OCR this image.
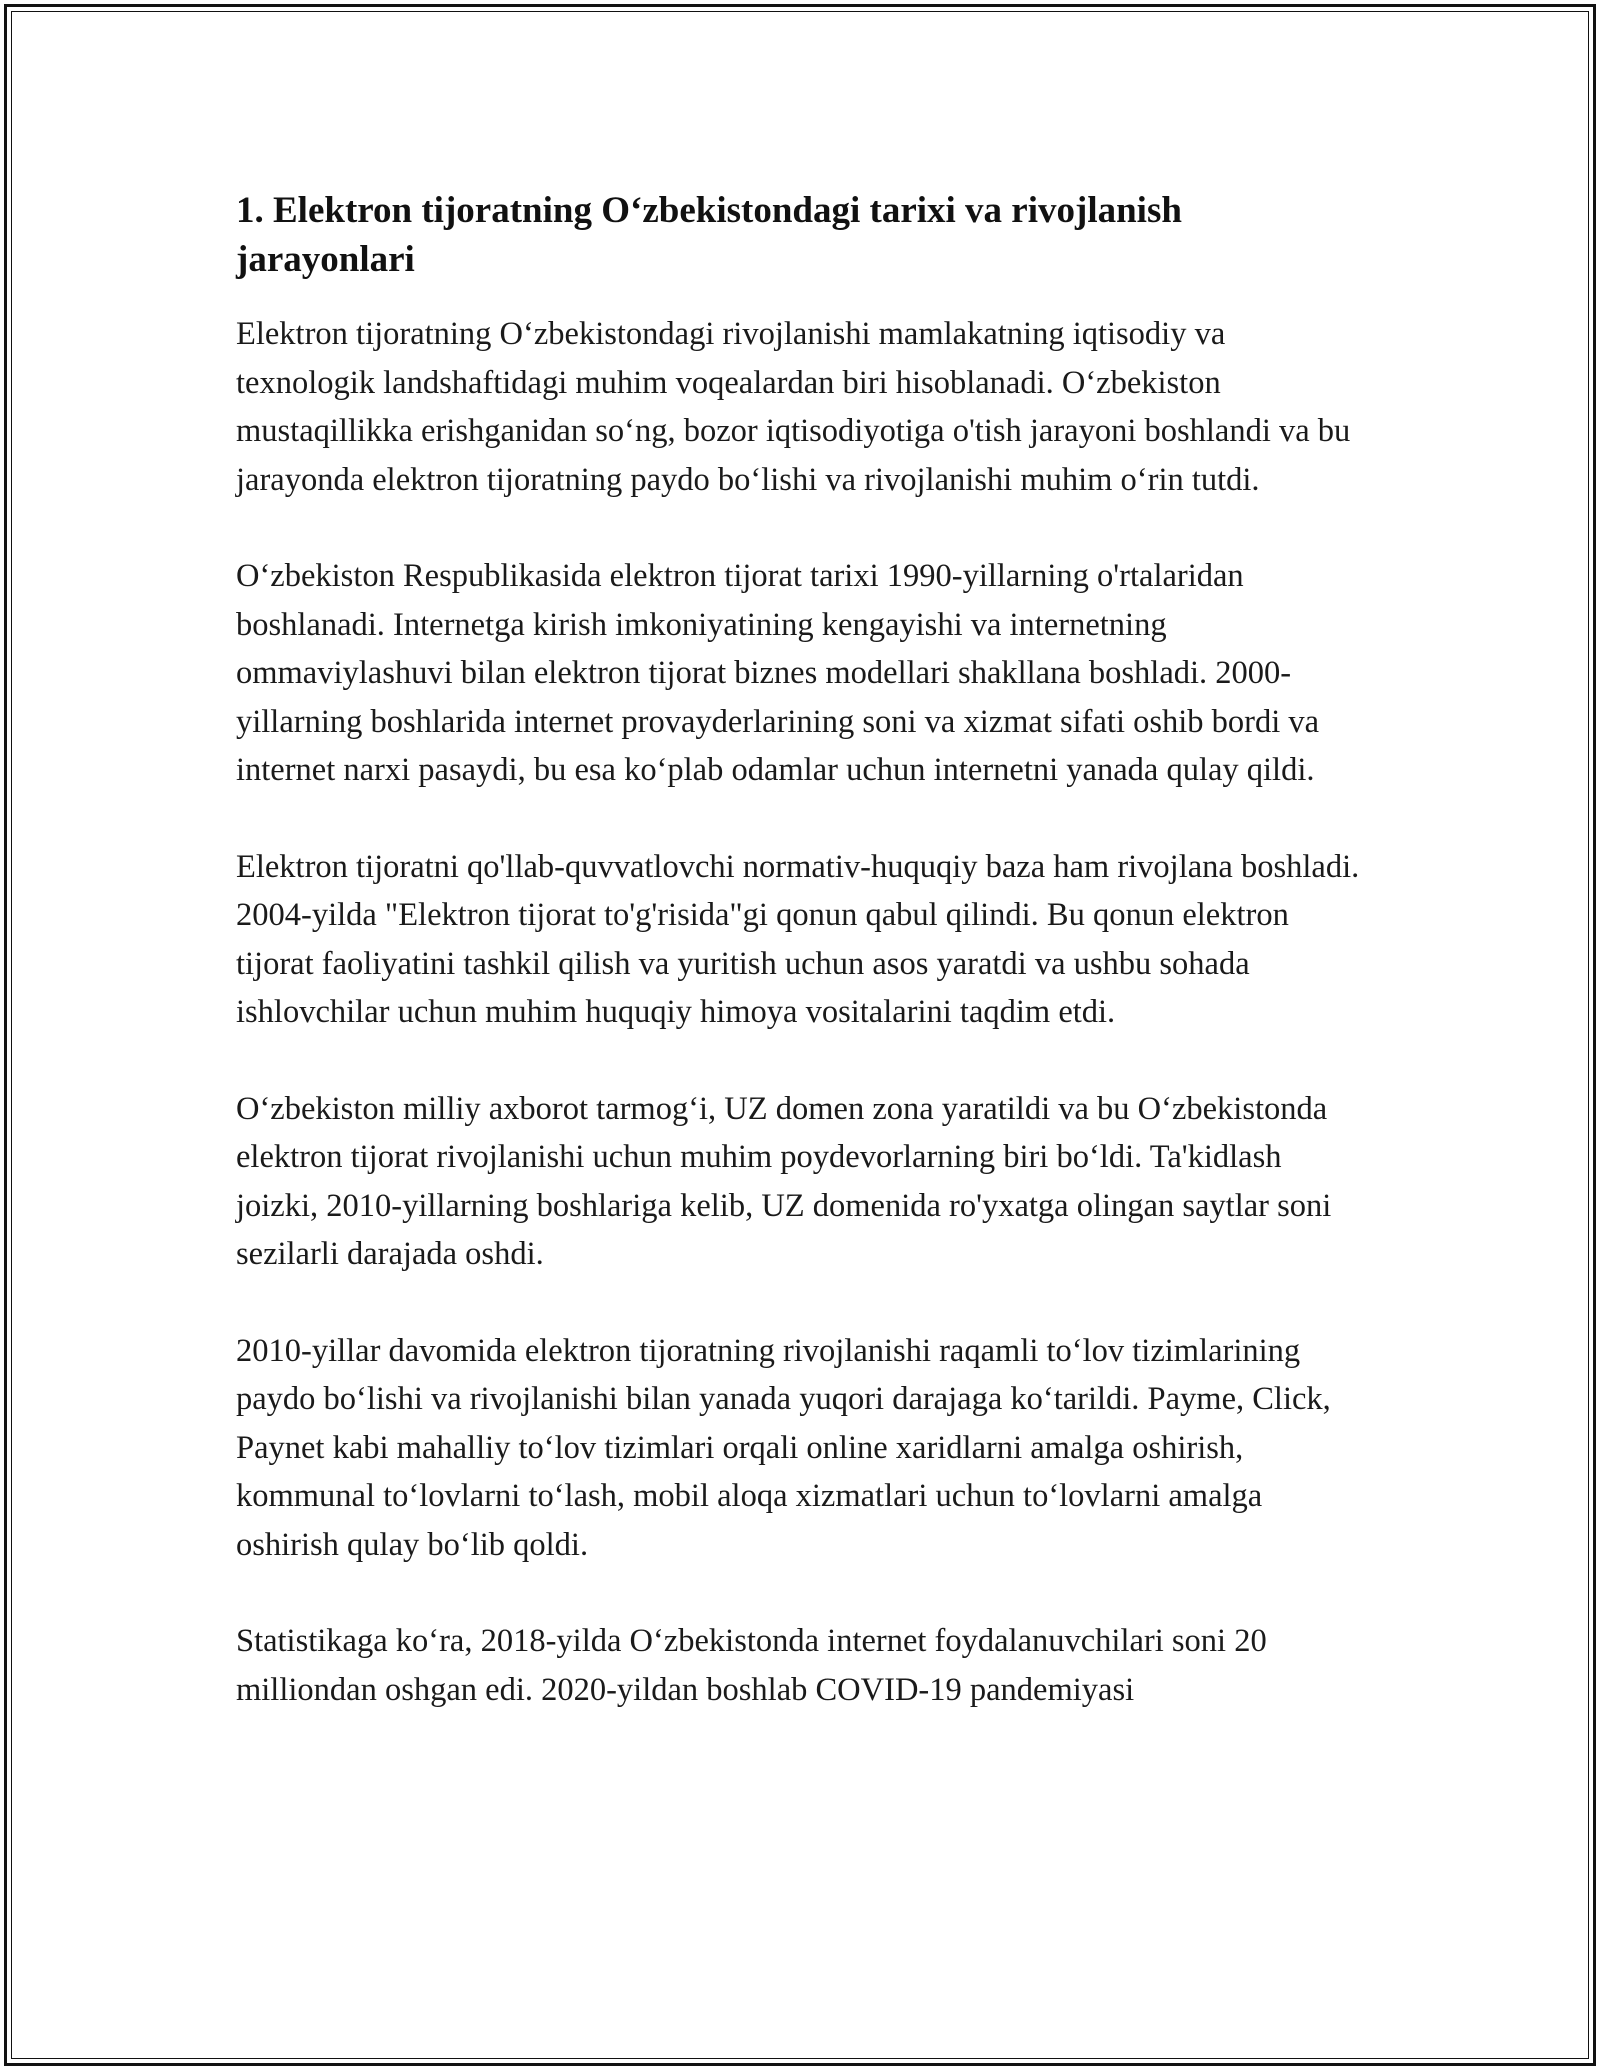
1. Elektron tijoratning Oʻzbekistondagi tarixi va rivojlanish jarayonlari

Elektron tijoratning Oʻzbekistondagi rivojlanishi mamlakatning iqtisodiy va texnologik landshaftidagi muhim voqealardan biri hisoblanadi. Oʻzbekiston mustaqillikka erishganidan soʻng, bozor iqtisodiyotiga o'tish jarayoni boshlandi va bu jarayonda elektron tijoratning paydo boʻlishi va rivojlanishi muhim oʻrin tutdi.

Oʻzbekiston Respublikasida elektron tijorat tarixi 1990-yillarning o'rtalaridan boshlanadi. Internetga kirish imkoniyatining kengayishi va internetning ommaviylashuvi bilan elektron tijorat biznes modellari shakllana boshladi. 2000-yillarning boshlarida internet provayderlarining soni va xizmat sifati oshib bordi va internet narxi pasaydi, bu esa koʻplab odamlar uchun internetni yanada qulay qildi.

Elektron tijoratni qo'llab-quvvatlovchi normativ-huquqiy baza ham rivojlana boshladi. 2004-yilda "Elektron tijorat to'g'risida"gi qonun qabul qilindi. Bu qonun elektron tijorat faoliyatini tashkil qilish va yuritish uchun asos yaratdi va ushbu sohada ishlovchilar uchun muhim huquqiy himoya vositalarini taqdim etdi.

Oʻzbekiston milliy axborot tarmogʻi, UZ domen zona yaratildi va bu Oʻzbekistonda elektron tijorat rivojlanishi uchun muhim poydevorlarning biri boʻldi. Ta'kidlash joizki, 2010-yillarning boshlariga kelib, UZ domenida ro'yxatga olingan saytlar soni sezilarli darajada oshdi.

2010-yillar davomida elektron tijoratning rivojlanishi raqamli toʻlov tizimlarining paydo boʻlishi va rivojlanishi bilan yanada yuqori darajaga koʻtarildi. Payme, Click, Paynet kabi mahalliy toʻlov tizimlari orqali online xaridlarni amalga oshirish, kommunal toʻlovlarni toʻlash, mobil aloqa xizmatlari uchun toʻlovlarni amalga oshirish qulay boʻlib qoldi.

Statistikaga koʻra, 2018-yilda Oʻzbekistonda internet foydalanuvchilari soni 20 milliondan oshgan edi. 2020-yildan boshlab COVID-19 pandemiyasi
